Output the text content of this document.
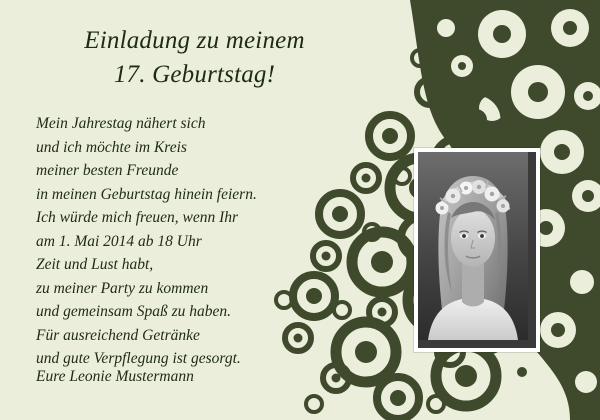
Einladung zu meinem
17. Geburtstag!
Mein Jahrestag nähert sich
und ich möchte im Kreis
meiner besten Freunde
in meinen Geburtstag hinein feiern.
Ich würde mich freuen, wenn Ihr
am 1. Mai 2014 ab 18 Uhr
Zeit und Lust habt,
zu meiner Party zu kommen
und gemeinsam Spaß zu haben.
Für ausreichend Getränke
und gute Verpflegung ist gesorgt.
Eure Leonie Mustermann
